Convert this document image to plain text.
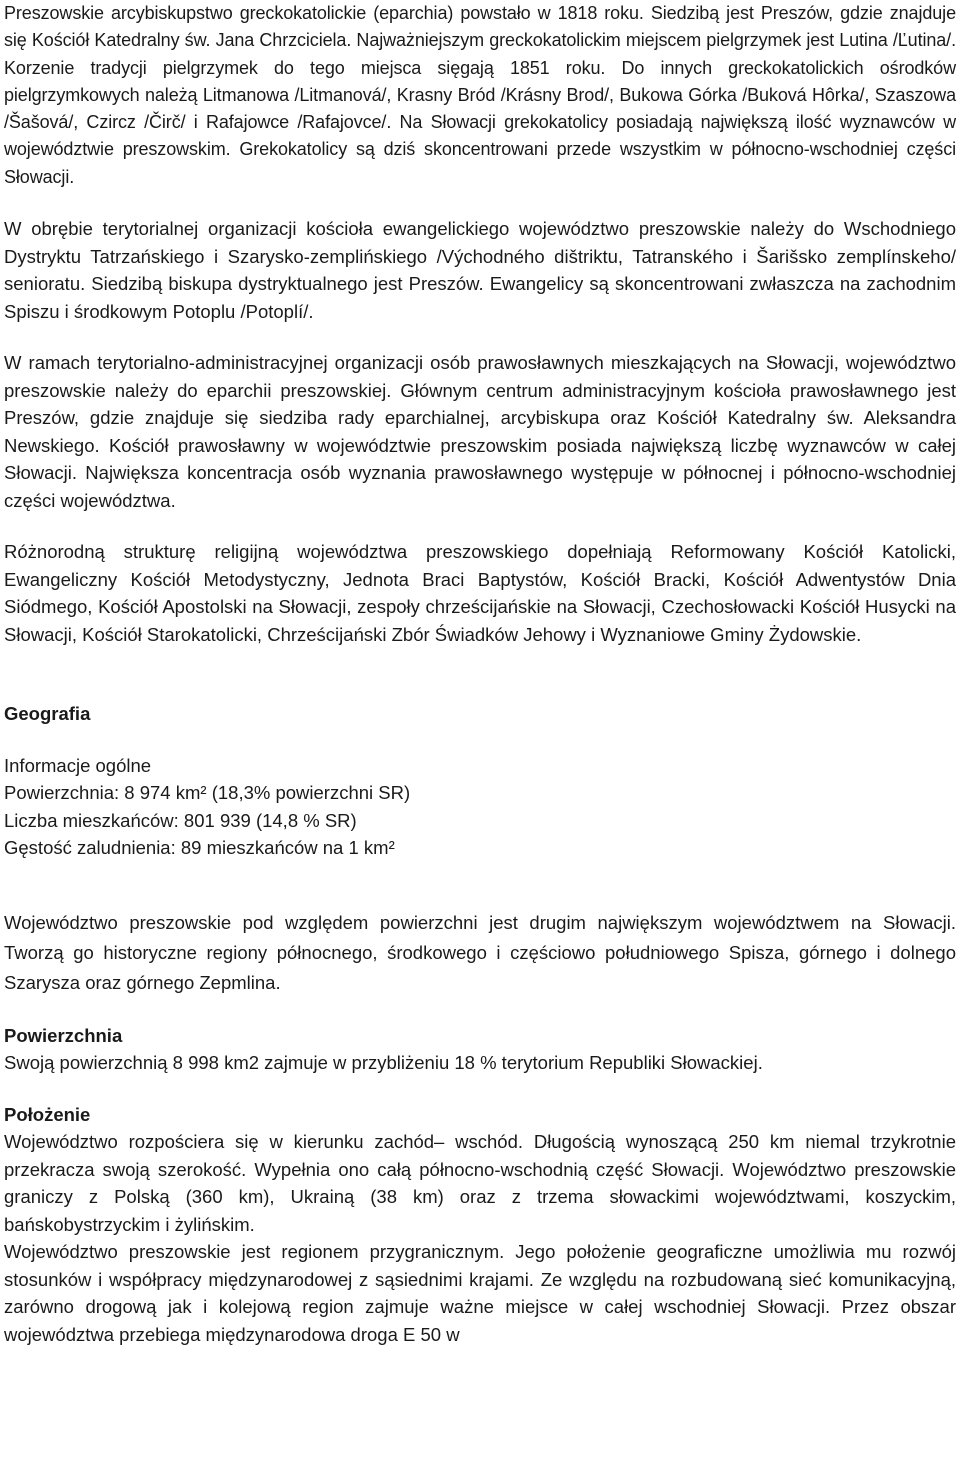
Preszowskie arcybiskupstwo greckokatolickie (eparchia) powstało w 1818 roku. Siedzibą jest Preszów, gdzie znajduje się Kościół Katedralny św. Jana Chrzciciela. Najważniejszym greckokatolickim miejscem pielgrzymek jest Lutina /Ľutina/. Korzenie tradycji pielgrzymek do tego miejsca sięgają 1851 roku. Do innych greckokatolickich ośrodków pielgrzymkowych należą Litmanowa /Litmanová/, Krasny Bród /Krásny Brod/, Bukowa Górka /Buková Hôrka/, Szaszowa /Šašová/, Czircz /Čirč/ i Rafajowce /Rafajovce/. Na Słowacji grekokatolicy posiadają największą ilość wyznawców w województwie preszowskim. Grekokatolicy są dziś skoncentrowani przede wszystkim w północno-wschodniej części Słowacji.

W obrębie terytorialnej organizacji kościoła ewangelickiego województwo preszowskie należy do Wschodniego Dystryktu Tatrzańskiego i Szarysko-zemplińskiego /Východného dištriktu, Tatranského i Šarišsko zemplínskeho/ senioratu. Siedzibą biskupa dystryktualnego jest Preszów. Ewangelicy są skoncentrowani zwłaszcza na zachodnim Spiszu i środkowym Potoplu /Potoplí/.

W ramach terytorialno-administracyjnej organizacji osób prawosławnych mieszkających na Słowacji, województwo preszowskie należy do eparchii preszowskiej. Głównym centrum administracyjnym kościoła prawosławnego jest Preszów, gdzie znajduje się siedziba rady eparchialnej, arcybiskupa oraz Kościół Katedralny św. Aleksandra Newskiego. Kościół prawosławny w województwie preszowskim posiada największą liczbę wyznawców w całej Słowacji. Największa koncentracja osób wyznania prawosławnego występuje w północnej i północno-wschodniej części województwa.

Różnorodną strukturę religijną województwa preszowskiego dopełniają Reformowany Kościół Katolicki, Ewangeliczny Kościół Metodystyczny, Jednota Braci Baptystów, Kościół Bracki, Kościół Adwentystów Dnia Siódmego, Kościół Apostolski na Słowacji, zespoły chrześcijańskie na Słowacji, Czechosłowacki Kościół Husycki na Słowacji, Kościół Starokatolicki, Chrześcijański Zbór Świadków Jehowy i Wyznaniowe Gminy Żydowskie.

Geografia

Informacje ogólne

Powierzchnia: 8 974 km² (18,3% powierzchni SR)

Liczba mieszkańców: 801 939 (14,8 % SR)

Gęstość zaludnienia: 89 mieszkańców na 1 km²

Województwo preszowskie pod względem powierzchni jest drugim największym województwem na Słowacji. Tworzą go historyczne regiony północnego, środkowego i częściowo południowego Spisza, górnego i dolnego Szarysza oraz górnego Zepmlina.

Powierzchnia

Swoją powierzchnią 8 998 km2 zajmuje w przybliżeniu 18 % terytorium Republiki Słowackiej.

Położenie

Województwo rozpościera się w kierunku zachód– wschód. Długością wynoszącą 250 km niemal trzykrotnie przekracza swoją szerokość. Wypełnia ono całą północno-wschodnią część Słowacji. Województwo preszowskie graniczy z Polską (360 km), Ukrainą (38 km) oraz z trzema słowackimi województwami, koszyckim, bańskobystrzyckim i żylińskim.

Województwo preszowskie jest regionem przygranicznym. Jego położenie geograficzne umożliwia mu rozwój stosunków i współpracy międzynarodowej z sąsiednimi krajami. Ze względu na rozbudowaną sieć komunikacyjną, zarówno drogową jak i kolejową region zajmuje ważne miejsce w całej wschodniej Słowacji. Przez obszar województwa przebiega międzynarodowa droga E 50 w
